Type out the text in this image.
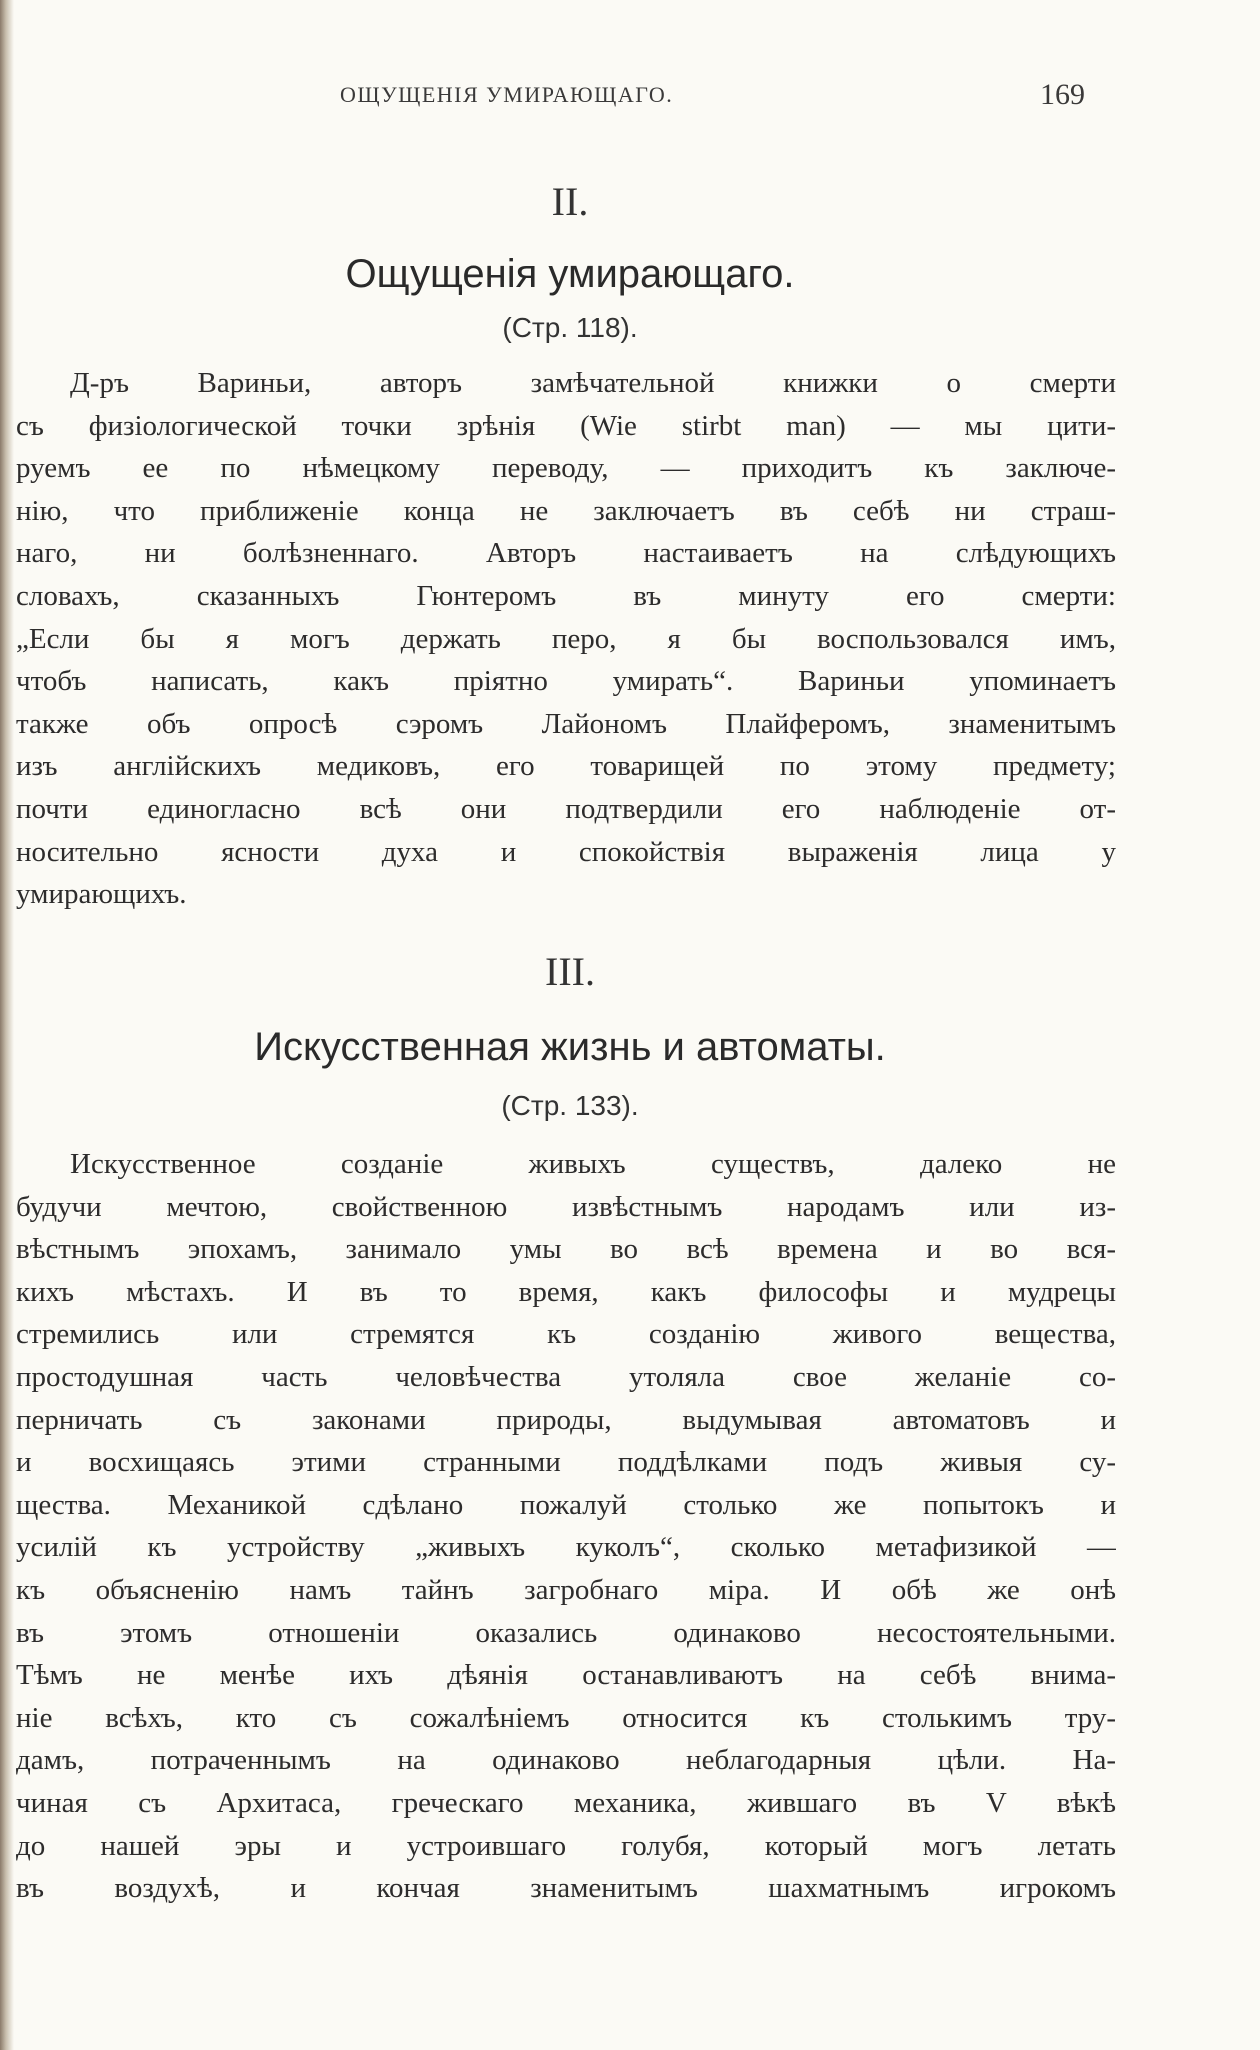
ОЩУЩЕНІЯ УМИРАЮЩАГО.	169
II.
Ощущенія умирающаго.
(Стр. 118).
Д-ръ Вариньи, авторъ замѣчательной книжки о смерти
съ физіологической точки зрѣнія (Wie stirbt man) — мы цити-
руемъ ее по нѣмецкому переводу, — приходитъ къ заключе-
нію, что приближеніе конца не заключаетъ въ себѣ ни страш-
наго, ни болѣзненнаго. Авторъ настаиваетъ на слѣдующихъ
словахъ, сказанныхъ Гюнтеромъ въ минуту его смерти:
„Если бы я могъ держать перо, я бы воспользовался имъ,
чтобъ написать, какъ пріятно умирать“. Вариньи упоминаетъ
также объ опросѣ сэромъ Лайономъ Плайферомъ, знаменитымъ
изъ англійскихъ медиковъ, его товарищей по этому предмету;
почти единогласно всѣ они подтвердили его наблюденіе от-
носительно ясности духа и спокойствія выраженія лица у
умирающихъ.
III.
Искусственная жизнь и автоматы.
(Стр. 133).
Искусственное созданіе живыхъ существъ, далеко не
будучи мечтою, свойственною извѣстнымъ народамъ или из-
вѣстнымъ эпохамъ, занимало умы во всѣ времена и во вся-
кихъ мѣстахъ. И въ то время, какъ философы и мудрецы
стремились или стремятся къ созданію живого вещества,
простодушная часть человѣчества утоляла свое желаніе со-
перничать съ законами природы, выдумывая автоматовъ и
и восхищаясь этими странными поддѣлками подъ живыя су-
щества. Механикой сдѣлано пожалуй столько же попытокъ и
усилій къ устройству „живыхъ куколъ“, сколько метафизикой —
къ объясненію намъ тайнъ загробнаго міра. И обѣ же онѣ
въ этомъ отношеніи оказались одинаково несостоятельными.
Тѣмъ не менѣе ихъ дѣянія останавливаютъ на себѣ внима-
ніе всѣхъ, кто съ сожалѣніемъ относится къ столькимъ тру-
дамъ, потраченнымъ на одинаково неблагодарныя цѣли. На-
чиная съ Архитаса, греческаго механика, жившаго въ V вѣкѣ
до нашей эры и устроившаго голубя, который могъ летать
въ воздухѣ, и кончая знаменитымъ шахматнымъ игрокомъ
